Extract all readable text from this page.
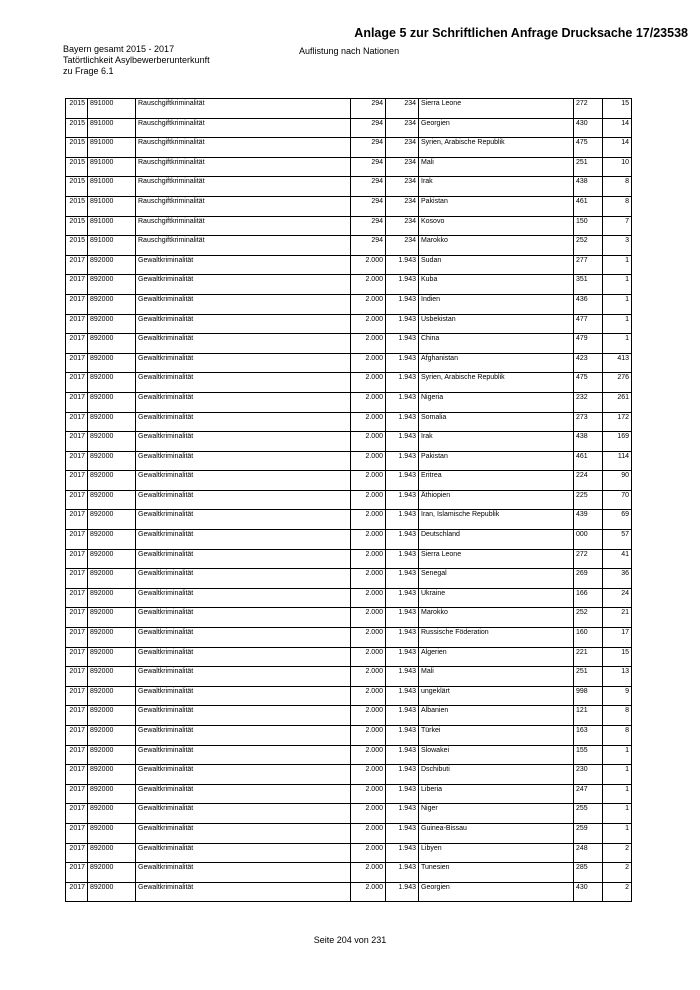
Anlage 5 zur Schriftlichen Anfrage Drucksache 17/23538
Bayern gesamt 2015 - 2017
Tatörtlichkeit Asylbewerberunterkunft
zu Frage 6.1
Auflistung nach Nationen
2015	891000	Rauschgiftkriminalität	294	234	Sierra Leone	272	15
2015	891000	Rauschgiftkriminalität	294	234	Georgien	430	14
2015	891000	Rauschgiftkriminalität	294	234	Syrien, Arabische Republik	475	14
2015	891000	Rauschgiftkriminalität	294	234	Mali	251	10
2015	891000	Rauschgiftkriminalität	294	234	Irak	438	8
2015	891000	Rauschgiftkriminalität	294	234	Pakistan	461	8
2015	891000	Rauschgiftkriminalität	294	234	Kosovo	150	7
2015	891000	Rauschgiftkriminalität	294	234	Marokko	252	3
2017	892000	Gewaltkriminalität	2.000	1.943	Sudan	277	1
2017	892000	Gewaltkriminalität	2.000	1.943	Kuba	351	1
2017	892000	Gewaltkriminalität	2.000	1.943	Indien	436	1
2017	892000	Gewaltkriminalität	2.000	1.943	Usbekistan	477	1
2017	892000	Gewaltkriminalität	2.000	1.943	China	479	1
2017	892000	Gewaltkriminalität	2.000	1.943	Afghanistan	423	413
2017	892000	Gewaltkriminalität	2.000	1.943	Syrien, Arabische Republik	475	276
2017	892000	Gewaltkriminalität	2.000	1.943	Nigeria	232	261
2017	892000	Gewaltkriminalität	2.000	1.943	Somalia	273	172
2017	892000	Gewaltkriminalität	2.000	1.943	Irak	438	169
2017	892000	Gewaltkriminalität	2.000	1.943	Pakistan	461	114
2017	892000	Gewaltkriminalität	2.000	1.943	Eritrea	224	90
2017	892000	Gewaltkriminalität	2.000	1.943	Äthiopien	225	70
2017	892000	Gewaltkriminalität	2.000	1.943	Iran, Islamische Republik	439	69
2017	892000	Gewaltkriminalität	2.000	1.943	Deutschland	000	57
2017	892000	Gewaltkriminalität	2.000	1.943	Sierra Leone	272	41
2017	892000	Gewaltkriminalität	2.000	1.943	Senegal	269	36
2017	892000	Gewaltkriminalität	2.000	1.943	Ukraine	166	24
2017	892000	Gewaltkriminalität	2.000	1.943	Marokko	252	21
2017	892000	Gewaltkriminalität	2.000	1.943	Russische Föderation	160	17
2017	892000	Gewaltkriminalität	2.000	1.943	Algerien	221	15
2017	892000	Gewaltkriminalität	2.000	1.943	Mali	251	13
2017	892000	Gewaltkriminalität	2.000	1.943	ungeklärt	998	9
2017	892000	Gewaltkriminalität	2.000	1.943	Albanien	121	8
2017	892000	Gewaltkriminalität	2.000	1.943	Türkei	163	8
2017	892000	Gewaltkriminalität	2.000	1.943	Slowakei	155	1
2017	892000	Gewaltkriminalität	2.000	1.943	Dschibuti	230	1
2017	892000	Gewaltkriminalität	2.000	1.943	Liberia	247	1
2017	892000	Gewaltkriminalität	2.000	1.943	Niger	255	1
2017	892000	Gewaltkriminalität	2.000	1.943	Guinea-Bissau	259	1
2017	892000	Gewaltkriminalität	2.000	1.943	Libyen	248	2
2017	892000	Gewaltkriminalität	2.000	1.943	Tunesien	285	2
2017	892000	Gewaltkriminalität	2.000	1.943	Georgien	430	2
Seite 204 von 231
